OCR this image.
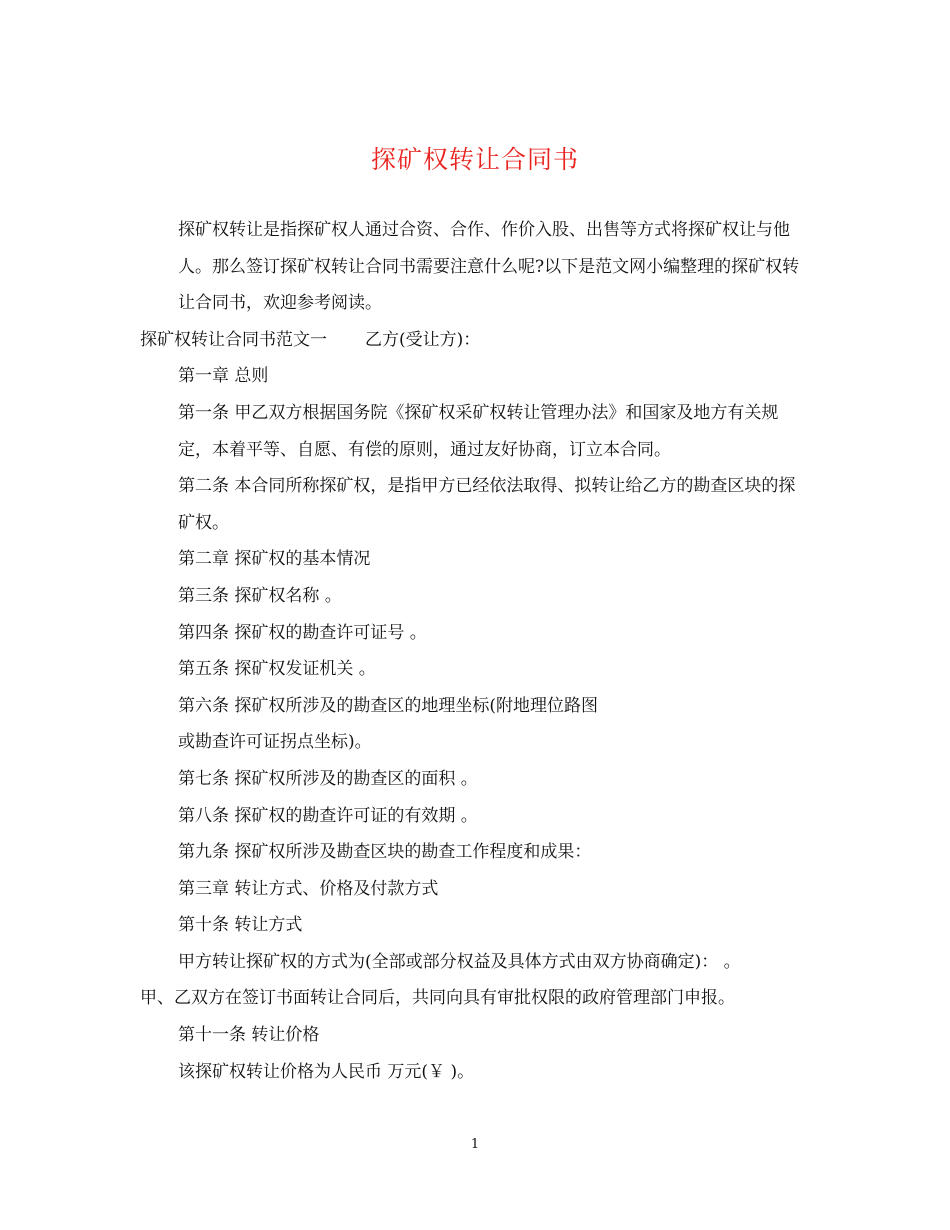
探矿权转让合同书

探矿权转让是指探矿权人通过合资、合作、作价入股、出售等方式将探矿权让与他人。那么签订探矿权转让合同书需要注意什么呢?以下是范文网小编整理的探矿权转让合同书，欢迎参考阅读。

探矿权转让合同书范文一 乙方(受让方)：

第一章 总则

第一条 甲乙双方根据国务院《探矿权采矿权转让管理办法》和国家及地方有关规定，本着平等、自愿、有偿的原则，通过友好协商，订立本合同。

第二条 本合同所称探矿权，是指甲方已经依法取得、拟转让给乙方的勘查区块的探矿权。

第二章 探矿权的基本情况

第三条 探矿权名称 。

第四条 探矿权的勘查许可证号 。

第五条 探矿权发证机关 。

第六条 探矿权所涉及的勘查区的地理坐标(附地理位路图

或勘查许可证拐点坐标)。

第七条 探矿权所涉及的勘查区的面积 。

第八条 探矿权的勘查许可证的有效期 。

第九条 探矿权所涉及勘查区块的勘查工作程度和成果：

第三章 转让方式、价格及付款方式

第十条 转让方式

甲方转让探矿权的方式为(全部或部分权益及具体方式由双方协商确定)： 。

甲、乙双方在签订书面转让合同后，共同向具有审批权限的政府管理部门申报。

第十一条 转让价格

该探矿权转让价格为人民币 万元(￥ )。

1
